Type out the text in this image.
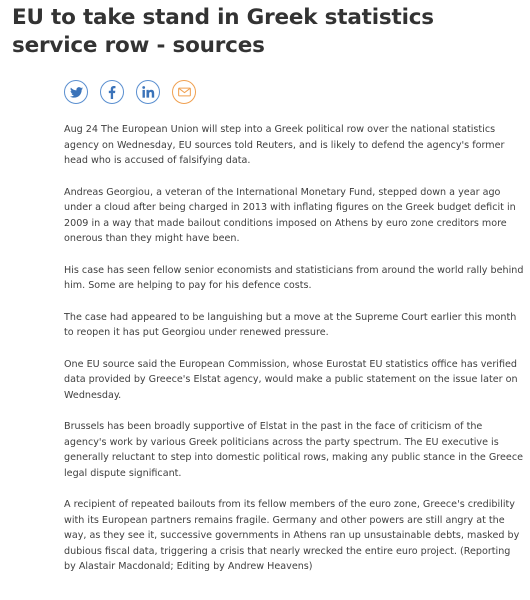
EU to take stand in Greek statistics service row - sources

Aug 24 The European Union will step into a Greek political row over the national statistics agency on Wednesday, EU sources told Reuters, and is likely to defend the agency's former head who is accused of falsifying data.

Andreas Georgiou, a veteran of the International Monetary Fund, stepped down a year ago under a cloud after being charged in 2013 with inflating figures on the Greek budget deficit in 2009 in a way that made bailout conditions imposed on Athens by euro zone creditors more onerous than they might have been.

His case has seen fellow senior economists and statisticians from around the world rally behind him. Some are helping to pay for his defence costs.

The case had appeared to be languishing but a move at the Supreme Court earlier this month to reopen it has put Georgiou under renewed pressure.

One EU source said the European Commission, whose Eurostat EU statistics office has verified data provided by Greece's Elstat agency, would make a public statement on the issue later on Wednesday.

Brussels has been broadly supportive of Elstat in the past in the face of criticism of the agency's work by various Greek politicians across the party spectrum. The EU executive is generally reluctant to step into domestic political rows, making any public stance in the Greece legal dispute significant.

A recipient of repeated bailouts from its fellow members of the euro zone, Greece's credibility with its European partners remains fragile. Germany and other powers are still angry at the way, as they see it, successive governments in Athens ran up unsustainable debts, masked by dubious fiscal data, triggering a crisis that nearly wrecked the entire euro project. (Reporting by Alastair Macdonald; Editing by Andrew Heavens)
